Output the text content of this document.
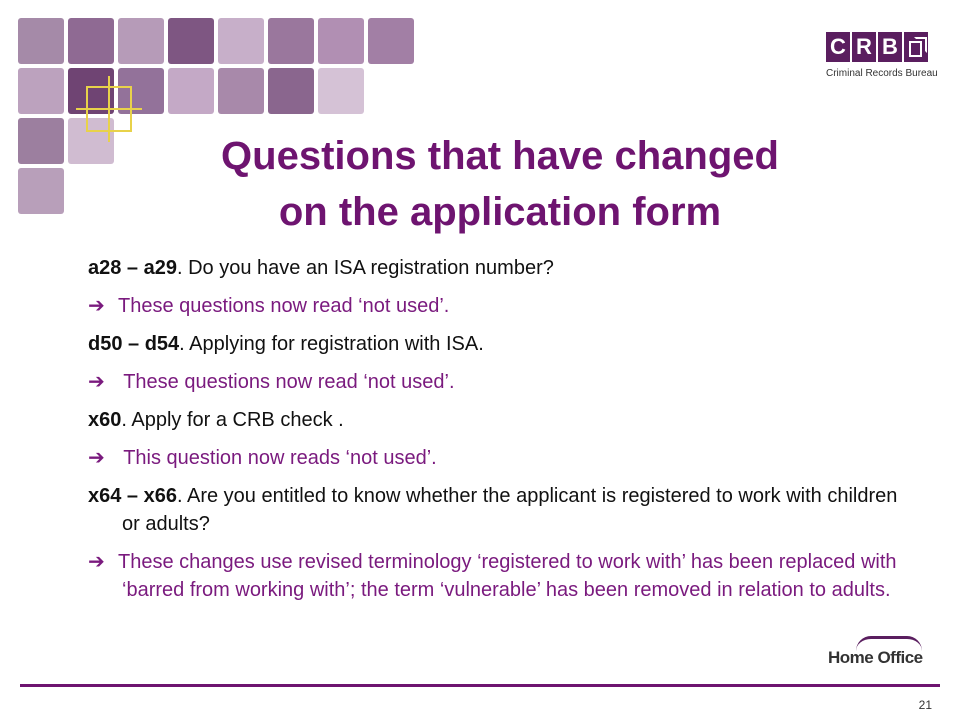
C R B
Criminal Records Bureau
Questions that have changed
on the application form

a28 – a29. Do you have an ISA registration number?

➔ These questions now read ‘not used’.

d50 – d54. Applying for registration with ISA.

➔ These questions now read ‘not used’.

x60. Apply for a CRB check .

➔ This question now reads ‘not used’.

x64 – x66. Are you entitled to know whether the applicant is registered to work with children or adults?

➔ These changes use revised terminology ‘registered to work with’ has been replaced with ‘barred from working with’; the term ‘vulnerable’ has been removed in relation to adults.

Home Office
21
